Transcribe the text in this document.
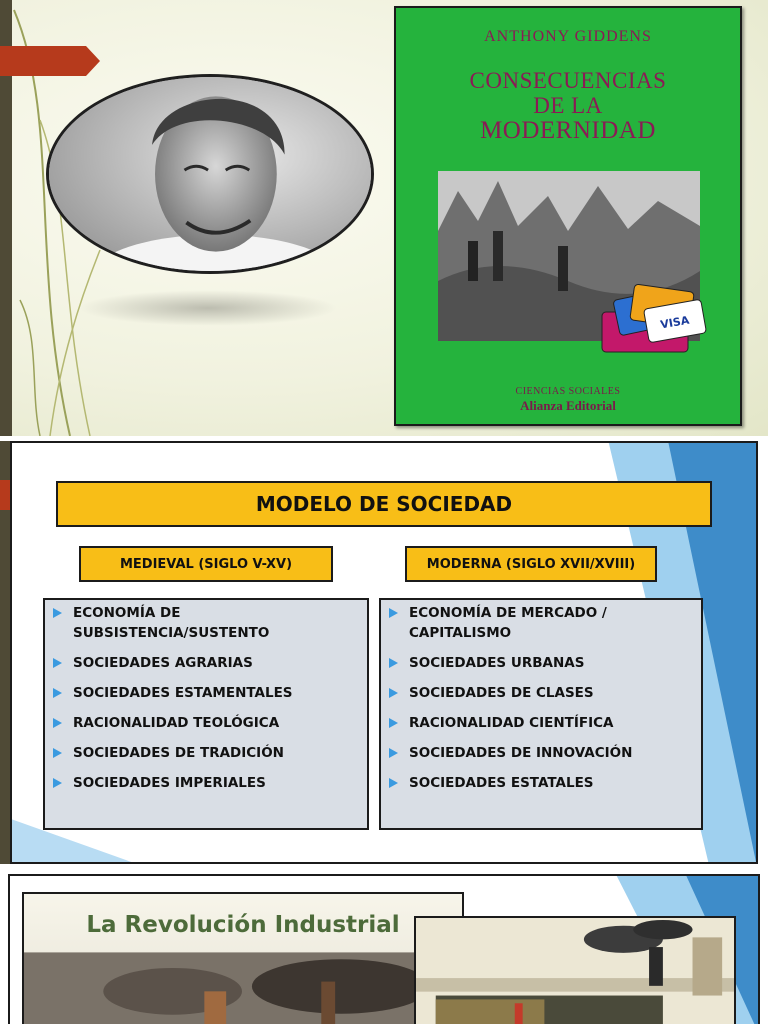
ANTHONY GIDDENS
CONSECUENCIAS
DE LA
MODERNIDAD
VISA
CIENCIAS SOCIALES
Alianza Editorial
MODELO DE SOCIEDAD
MEDIEVAL (SIGLO V-XV)	MODERNA (SIGLO XVII/XVIII)
ECONOMÍA DE SUBSISTENCIA/SUSTENTO
SOCIEDADES AGRARIAS
SOCIEDADES ESTAMENTALES
RACIONALIDAD TEOLÓGICA
SOCIEDADES DE TRADICIÓN
SOCIEDADES IMPERIALES
ECONOMÍA DE MERCADO / CAPITALISMO
SOCIEDADES URBANAS
SOCIEDADES DE CLASES
RACIONALIDAD CIENTÍFICA
SOCIEDADES DE INNOVACIÓN
SOCIEDADES ESTATALES
La Revolución Industrial
